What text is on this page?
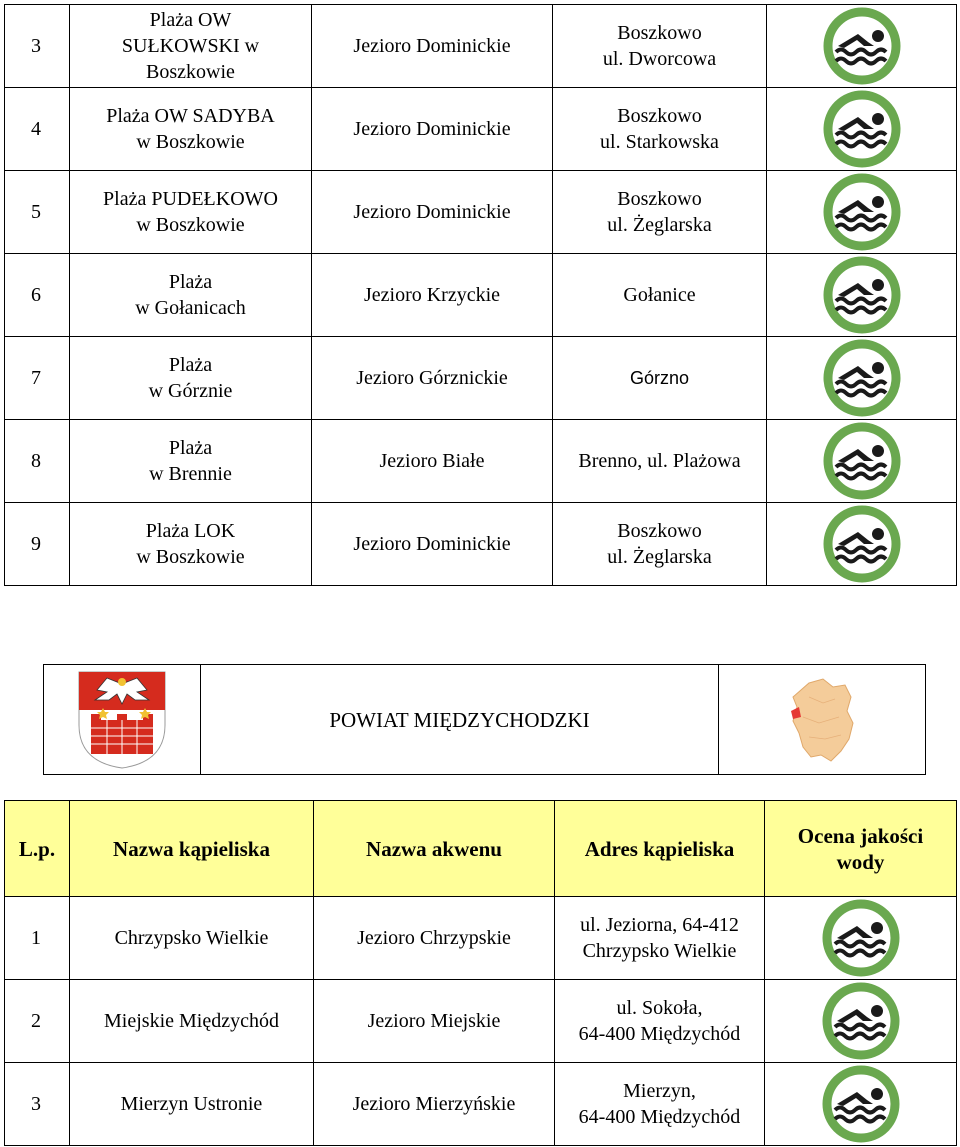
3	Plaża OW
SUŁKOWSKI w
Boszkowie	Jezioro Dominickie	Boszkowo
ul. Dworcowa

4	Plaża OW SADYBA
w Boszkowie	Jezioro Dominickie	Boszkowo
ul. Starkowska

5	Plaża PUDEŁKOWO
w Boszkowie	Jezioro Dominickie	Boszkowo
ul. Żeglarska

6	Plaża
w Gołanicach	Jezioro Krzyckie	Gołanice

7	Plaża
w Górznie	Jezioro Górznickie	Górzno

8	Plaża
w Brennie	Jezioro Białe	Brenno, ul. Plażowa

9	Plaża LOK
w Boszkowie	Jezioro Dominickie	Boszkowo
ul. Żeglarska

	POWIAT MIĘDZYCHODZKI	
L.p.	Nazwa kąpieliska	Nazwa akwenu	Adres kąpieliska	Ocena jakości
wody

1	Chrzypsko Wielkie	Jezioro Chrzypskie	ul. Jeziorna, 64-412
Chrzypsko Wielkie

2	Miejskie Międzychód	Jezioro Miejskie	ul. Sokoła,
64-400 Międzychód

3	Mierzyn Ustronie	Jezioro Mierzyńskie	Mierzyn,
64-400 Międzychód
